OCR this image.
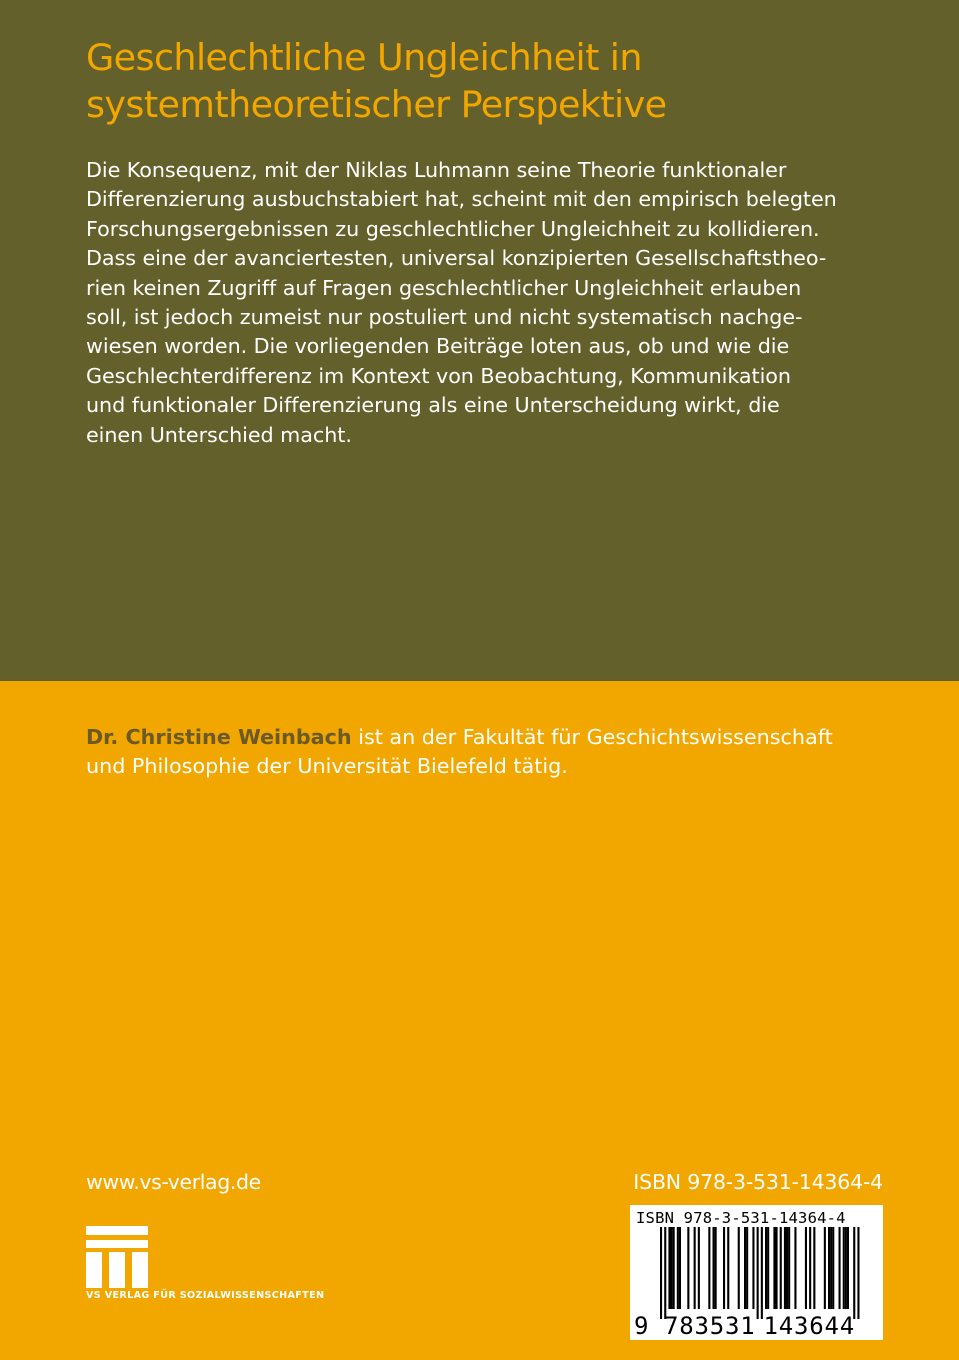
Geschlechtliche Ungleichheit in
systemtheoretischer Perspektive

Die Konsequenz, mit der Niklas Luhmann seine Theorie funktionaler
Differenzierung ausbuchstabiert hat, scheint mit den empirisch belegten
Forschungsergebnissen zu geschlechtlicher Ungleichheit zu kollidieren.
Dass eine der avanciertesten, universal konzipierten Gesellschaftstheo-
rien keinen Zugriff auf Fragen geschlechtlicher Ungleichheit erlauben
soll, ist jedoch zumeist nur postuliert und nicht systematisch nachge-
wiesen worden. Die vorliegenden Beiträge loten aus, ob und wie die
Geschlechterdifferenz im Kontext von Beobachtung, Kommunikation
und funktionaler Differenzierung als eine Unterscheidung wirkt, die
einen Unterschied macht.

Dr. Christine Weinbach ist an der Fakultät für Geschichtswissenschaft
und Philosophie der Universität Bielefeld tätig.

www.vs-verlag.de	ISBN 978-3-531-14364-4
VS VERLAG FÜR SOZIALWISSENSCHAFTEN
ISBN 978-3-531-14364-4
9 783531 143644
